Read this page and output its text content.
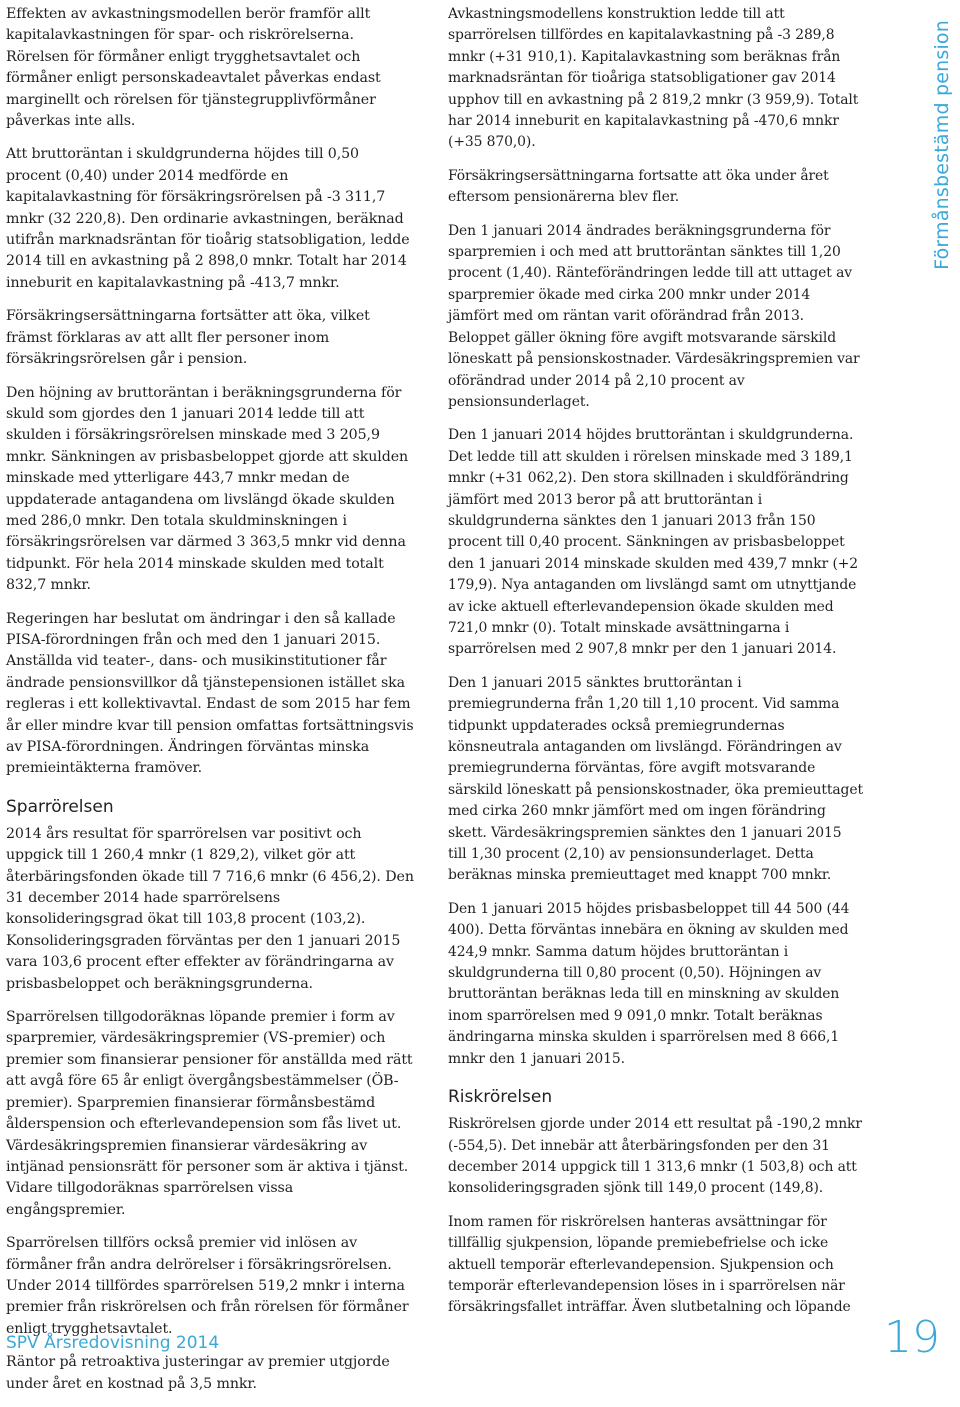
Effekten av avkastningsmodellen berör framför allt kapitalavkastningen för spar- och riskrörelserna. Rörelsen för förmåner enligt trygghetsavtalet och förmåner enligt personskadeavtalet påverkas endast marginellt och rörelsen för tjänstegrupplivförmåner påverkas inte alls.

Att bruttoräntan i skuldgrunderna höjdes till 0,50 procent (0,40) under 2014 medförde en kapitalavkastning för försäkringsrörelsen på -3 311,7 mnkr (32 220,8). Den ordinarie avkastningen, beräknad utifrån marknadsräntan för tioårig statsobligation, ledde 2014 till en avkastning på 2 898,0 mnkr. Totalt har 2014 inneburit en kapitalavkastning på -413,7 mnkr.

Försäkringsersättningarna fortsätter att öka, vilket främst förklaras av att allt fler personer inom försäkringsrörelsen går i pension.

Den höjning av bruttoräntan i beräkningsgrunderna för skuld som gjordes den 1 januari 2014 ledde till att skulden i försäkringsrörelsen minskade med 3 205,9 mnkr. Sänkningen av prisbasbeloppet gjorde att skulden minskade med ytterligare 443,7 mnkr medan de uppdaterade antagandena om livslängd ökade skulden med 286,0 mnkr. Den totala skuldminskningen i försäkringsrörelsen var därmed 3 363,5 mnkr vid denna tidpunkt. För hela 2014 minskade skulden med totalt 832,7 mnkr.

Regeringen har beslutat om ändringar i den så kallade PISA-förordningen från och med den 1 januari 2015. Anställda vid teater-, dans- och musikinstitutioner får ändrade pensionsvillkor då tjänstepensionen istället ska regleras i ett kollektivavtal. Endast de som 2015 har fem år eller mindre kvar till pension omfattas fortsättningsvis av PISA-förordningen. Ändringen förväntas minska premieintäkterna framöver.

Sparrörelsen

2014 års resultat för sparrörelsen var positivt och uppgick till 1 260,4 mnkr (1 829,2), vilket gör att återbäringsfonden ökade till 7 716,6 mnkr (6 456,2). Den 31 december 2014 hade sparrörelsens konsolideringsgrad ökat till 103,8 procent (103,2). Konsolideringsgraden förväntas per den 1 januari 2015 vara 103,6 procent efter effekter av förändringarna av prisbasbeloppet och beräkningsgrunderna.

Sparrörelsen tillgodoräknas löpande premier i form av sparpremier, värdesäkringspremier (VS-premier) och premier som finansierar pensioner för anställda med rätt att avgå före 65 år enligt övergångsbestämmelser (ÖB-premier). Sparpremien finansierar förmånsbestämd ålderspension och efterlevandepension som fås livet ut. Värdesäkringspremien finansierar värdesäkring av intjänad pensionsrätt för personer som är aktiva i tjänst. Vidare tillgodoräknas sparrörelsen vissa engångspremier.

Sparrörelsen tillförs också premier vid inlösen av förmåner från andra delrörelser i försäkringsrörelsen. Under 2014 tillfördes sparrörelsen 519,2 mnkr i interna premier från riskrörelsen och från rörelsen för förmåner enligt trygghetsavtalet.

Räntor på retroaktiva justeringar av premier utgjorde under året en kostnad på 3,5 mnkr.

Avkastningsmodellens konstruktion ledde till att sparrörelsen tillfördes en kapitalavkastning på -3 289,8 mnkr (+31 910,1). Kapitalavkastning som beräknas från marknadsräntan för tioåriga statsobligationer gav 2014 upphov till en avkastning på 2 819,2 mnkr (3 959,9). Totalt har 2014 inneburit en kapitalavkastning på -470,6 mnkr (+35 870,0).

Försäkringsersättningarna fortsatte att öka under året eftersom pensionärerna blev fler.

Den 1 januari 2014 ändrades beräkningsgrunderna för sparpremien i och med att bruttoräntan sänktes till 1,20 procent (1,40). Ränteförändringen ledde till att uttaget av sparpremier ökade med cirka 200 mnkr under 2014 jämfört med om räntan varit oförändrad från 2013. Beloppet gäller ökning före avgift motsvarande särskild löneskatt på pensionskostnader. Värdesäkringspremien var oförändrad under 2014 på 2,10 procent av pensionsunderlaget.

Den 1 januari 2014 höjdes bruttoräntan i skuldgrunderna. Det ledde till att skulden i rörelsen minskade med 3 189,1 mnkr (+31 062,2). Den stora skillnaden i skuldförändring jämfört med 2013 beror på att bruttoräntan i skuldgrunderna sänktes den 1 januari 2013 från 150 procent till 0,40 procent. Sänkningen av prisbasbeloppet den 1 januari 2014 minskade skulden med 439,7 mnkr (+2 179,9). Nya antaganden om livslängd samt om utnyttjande av icke aktuell efterlevandepension ökade skulden med 721,0 mnkr (0). Totalt minskade avsättningarna i sparrörelsen med 2 907,8 mnkr per den 1 januari 2014.

Den 1 januari 2015 sänktes bruttoräntan i premiegrunderna från 1,20 till 1,10 procent. Vid samma tidpunkt uppdaterades också premiegrundernas könsneutrala antaganden om livslängd. Förändringen av premiegrunderna förväntas, före avgift motsvarande särskild löneskatt på pensionskostnader, öka premieuttaget med cirka 260 mnkr jämfört med om ingen förändring skett. Värdesäkringspremien sänktes den 1 januari 2015 till 1,30 procent (2,10) av pensionsunderlaget. Detta beräknas minska premieuttaget med knappt 700 mnkr.

Den 1 januari 2015 höjdes prisbasbeloppet till 44 500 (44 400). Detta förväntas innebära en ökning av skulden med 424,9 mnkr. Samma datum höjdes bruttoräntan i skuldgrunderna till 0,80 procent (0,50). Höjningen av bruttoräntan beräknas leda till en minskning av skulden inom sparrörelsen med 9 091,0 mnkr. Totalt beräknas ändringarna minska skulden i sparrörelsen med 8 666,1 mnkr den 1 januari 2015.

Riskrörelsen

Riskrörelsen gjorde under 2014 ett resultat på -190,2 mnkr (-554,5). Det innebär att återbäringsfonden per den 31 december 2014 uppgick till 1 313,6 mnkr (1 503,8) och att konsolideringsgraden sjönk till 149,0 procent (149,8).

Inom ramen för riskrörelsen hanteras avsättningar för tillfällig sjukpension, löpande premiebefrielse och icke aktuell temporär efterlevandepension. Sjukpension och temporär efterlevandepension löses in i sparrörelsen när försäkringsfallet inträffar. Även slutbetalning och löpande

Förmånsbestämd pension
SPV Årsredovisning 2014	19
